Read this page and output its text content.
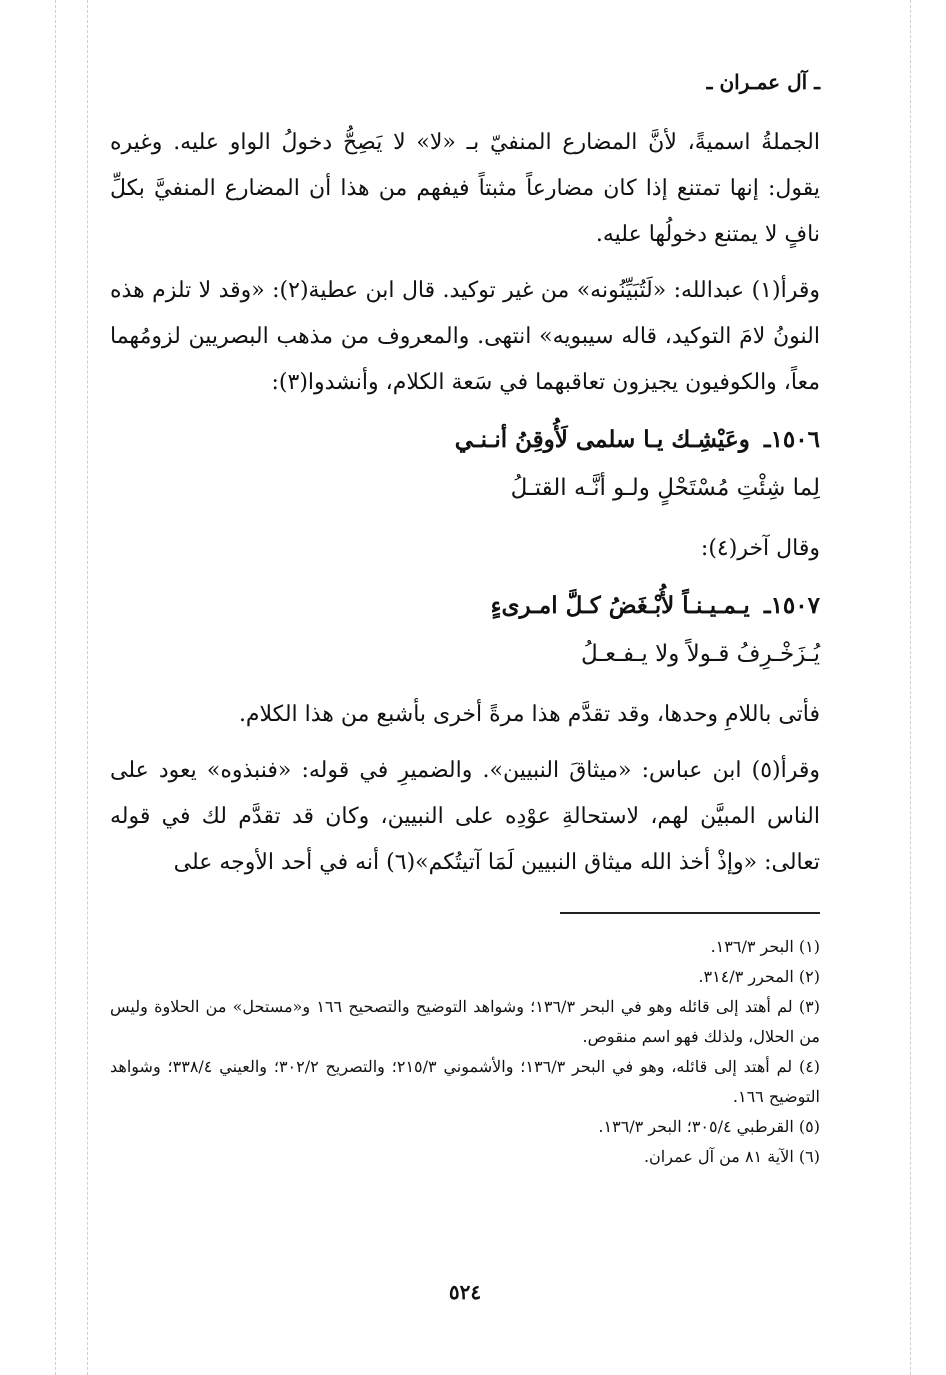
ـ آل عمـران ـ

الجملةُ اسميةً، لأنَّ المضارع المنفيّ بـ «لا» لا يَصِحُّ دخولُ الواو عليه. وغيره يقول: إنها تمتنع إذا كان مضارعاً مثبتاً فيفهم من هذا أن المضارع المنفيَّ بكلِّ نافٍ لا يمتنع دخولُها عليه.

وقرأ(١) عبدالله: «لَتُبَيِّنُونه» من غير توكيد. قال ابن عطية(٢): «وقد لا تلزم هذه النونُ لامَ التوكيد، قاله سيبويه» انتهى. والمعروف من مذهب البصريين لزومُهما معاً، والكوفيون يجيزون تعاقبهما في سَعة الكلام، وأنشدوا(٣):

١٥٠٦ـ وعَيْشِـك يـا سلمى لَأُوقِنُ أنـنـي

لِما شِئْتِ مُسْتَحْلٍ ولـو أنَّـه القتـلُ

وقال آخر(٤):

١٥٠٧ـ يـمـيـنـاً لأُبْـغَضُ كـلَّ امـرىءٍ

يُـزَخْـرِفُ قـولاً ولا يـفـعـلُ

فأتى باللامِ وحدها، وقد تقدَّم هذا مرةً أخرى بأشبع من هذا الكلام.

وقرأ(٥) ابن عباس: «ميثاقَ النبيين». والضميرِ في قوله: «فنبذوه» يعود على الناس المبيَّن لهم، لاستحالةِ عوْدِه على النبيين، وكان قد تقدَّم لك في قوله تعالى: «وإذْ أخذ الله ميثاق النبيين لَمَا آتيتُكم»(٦) أنه في أحد الأوجه على

(١) البحر ١٣٦/٣.

(٢) المحرر ٣١٤/٣.

(٣) لم أهتد إلى قائله وهو في البحر ١٣٦/٣؛ وشواهد التوضيح والتصحيح ١٦٦ و«مستحل» من الحلاوة وليس من الحلال، ولذلك فهو اسم منقوص.

(٤) لم أهتد إلى قائله، وهو في البحر ١٣٦/٣؛ والأشموني ٢١٥/٣؛ والتصريح ٣٠٢/٢؛ والعيني ٣٣٨/٤؛ وشواهد التوضيح ١٦٦.

(٥) القرطبي ٣٠٥/٤؛ البحر ١٣٦/٣.

(٦) الآية ٨١ من آل عمران.

٥٢٤
